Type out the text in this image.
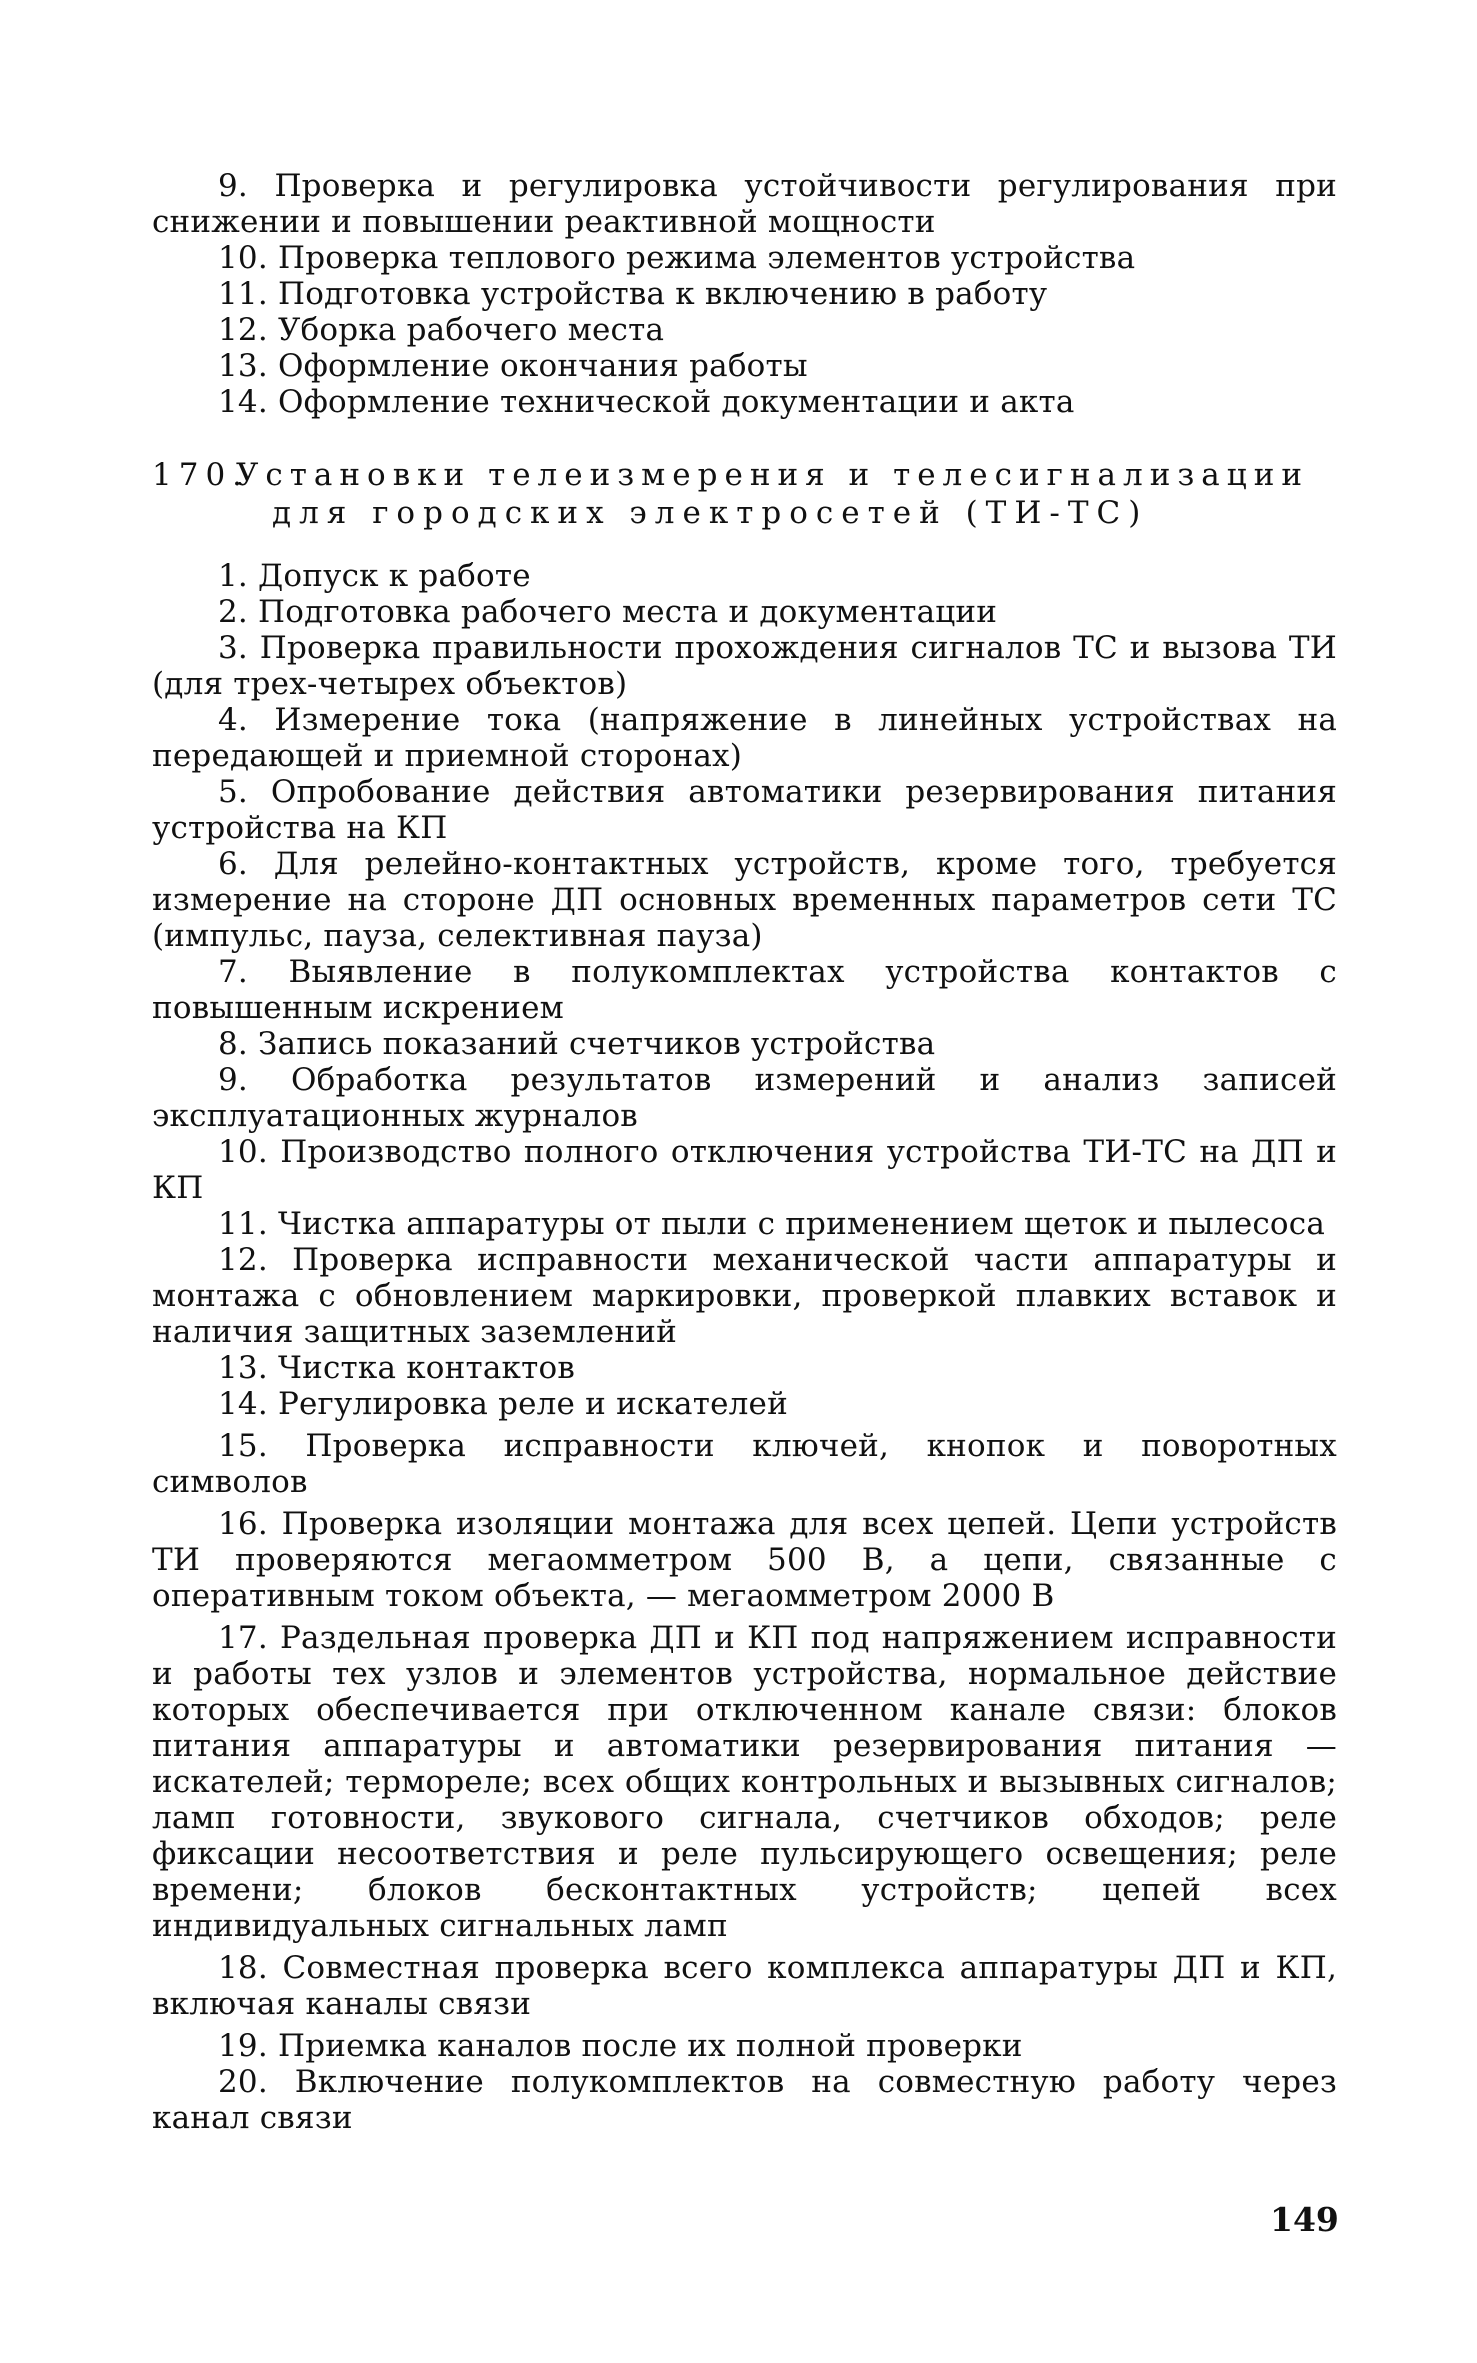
9. Проверка и регулировка устойчивости регулирования при снижении и повышении реактивной мощности

10. Проверка теплового режима элементов устройства

11. Подготовка устройства к включению в работу

12. Уборка рабочего места

13. Оформление окончания работы

14. Оформление технической документации и акта

170.Установки телеизмерения и телесигнализации
для городских электросетей (ТИ-ТС)

1. Допуск к работе

2. Подготовка рабочего места и документации

3. Проверка правильности прохождения сигналов ТС и вызова ТИ (для трех-четырех объектов)

4. Измерение тока (напряжение в линейных устройствах на передающей и приемной сторонах)

5. Опробование действия автоматики резервирования питания устройства на КП

6. Для релейно-контактных устройств, кроме того, требуется измерение на стороне ДП основных временных параметров сети ТС (импульс, пауза, селективная пауза)

7. Выявление в полукомплектах устройства контактов с повышенным искрением

8. Запись показаний счетчиков устройства

9. Обработка результатов измерений и анализ записей эксплуатационных журналов

10. Производство полного отключения устройства ТИ-ТС на ДП и КП

11. Чистка аппаратуры от пыли с применением щеток и пылесоса

12. Проверка исправности механической части аппаратуры и монтажа с обновлением маркировки, проверкой плавких вставок и наличия защитных заземлений

13. Чистка контактов

14. Регулировка реле и искателей

15. Проверка исправности ключей, кнопок и поворотных символов

16. Проверка изоляции монтажа для всех цепей. Цепи устройств ТИ проверяются мегаомметром 500 В, а цепи, связанные с оперативным током объекта, — мегаомметром 2000 В

17. Раздельная проверка ДП и КП под напряжением исправности и работы тех узлов и элементов устройства, нормальное действие которых обеспечивается при отключенном канале связи: блоков питания аппаратуры и автоматики резервирования питания — искателей; термореле; всех общих контрольных и вызывных сигналов; ламп готовности, звукового сигнала, счетчиков обходов; реле фиксации несоответствия и реле пульсирующего освещения; реле времени; блоков бесконтактных устройств; цепей всех индивидуальных сигнальных ламп

18. Совместная проверка всего комплекса аппаратуры ДП и КП, включая каналы связи

19. Приемка каналов после их полной проверки

20. Включение полукомплектов на совместную работу через канал связи

149
